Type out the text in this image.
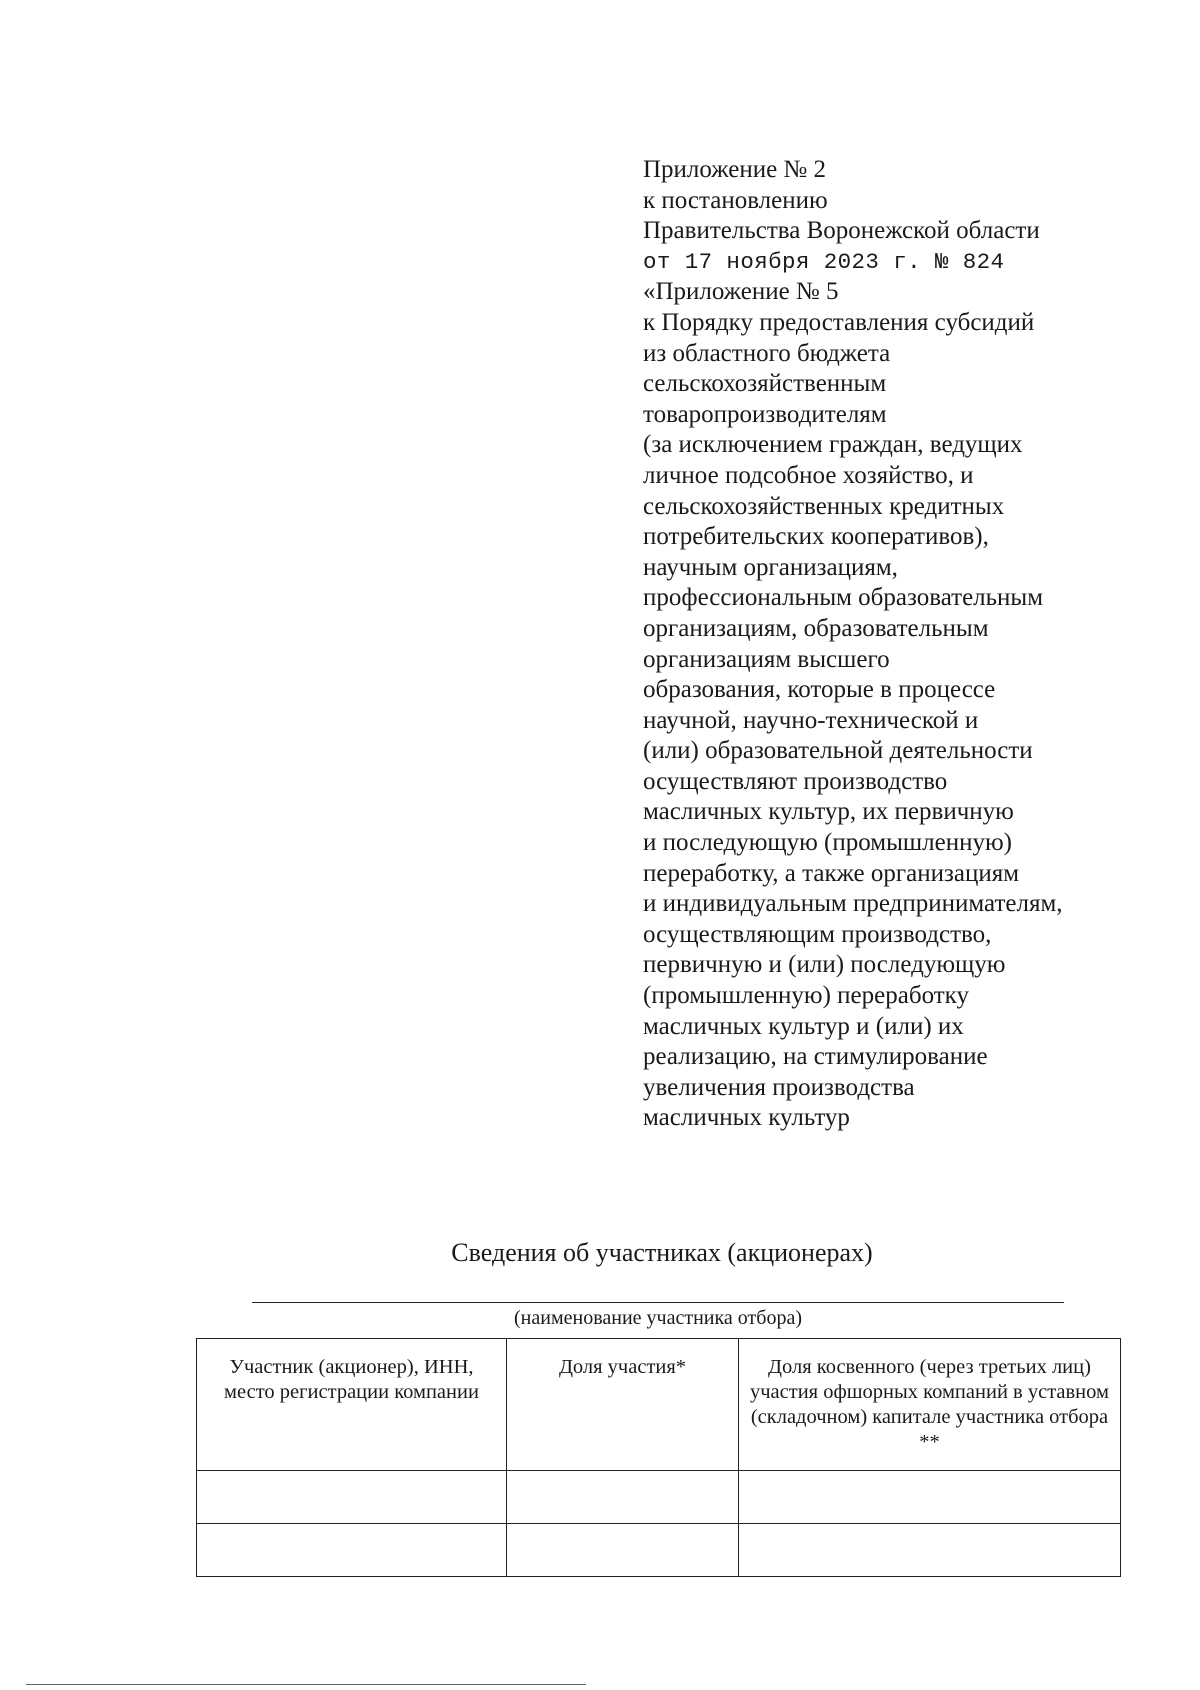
Приложение № 2
к постановлению
Правительства Воронежской области
от 17 ноября 2023 г. № 824
«Приложение № 5
к Порядку предоставления субсидий
из областного бюджета
сельскохозяйственным
товаропроизводителям
(за исключением граждан, ведущих
личное подсобное хозяйство, и
сельскохозяйственных кредитных
потребительских кооперативов),
научным организациям,
профессиональным образовательным
организациям, образовательным
организациям высшего
образования, которые в процессе
научной, научно-технической и
(или) образовательной деятельности
осуществляют производство
масличных культур, их первичную
и последующую (промышленную)
переработку, а также организациям
и индивидуальным предпринимателям,
осуществляющим производство,
первичную и (или) последующую
(промышленную) переработку
масличных культур и (или) их
реализацию, на стимулирование
увеличения производства
масличных культур
Сведения об участниках (акционерах)
(наименование участника отбора)
Участник (акционер), ИНН, место регистрации компании	Доля участия*	Доля косвенного (через третьих лиц) участия офшорных компаний в уставном (складочном) капитале участника отбора **
